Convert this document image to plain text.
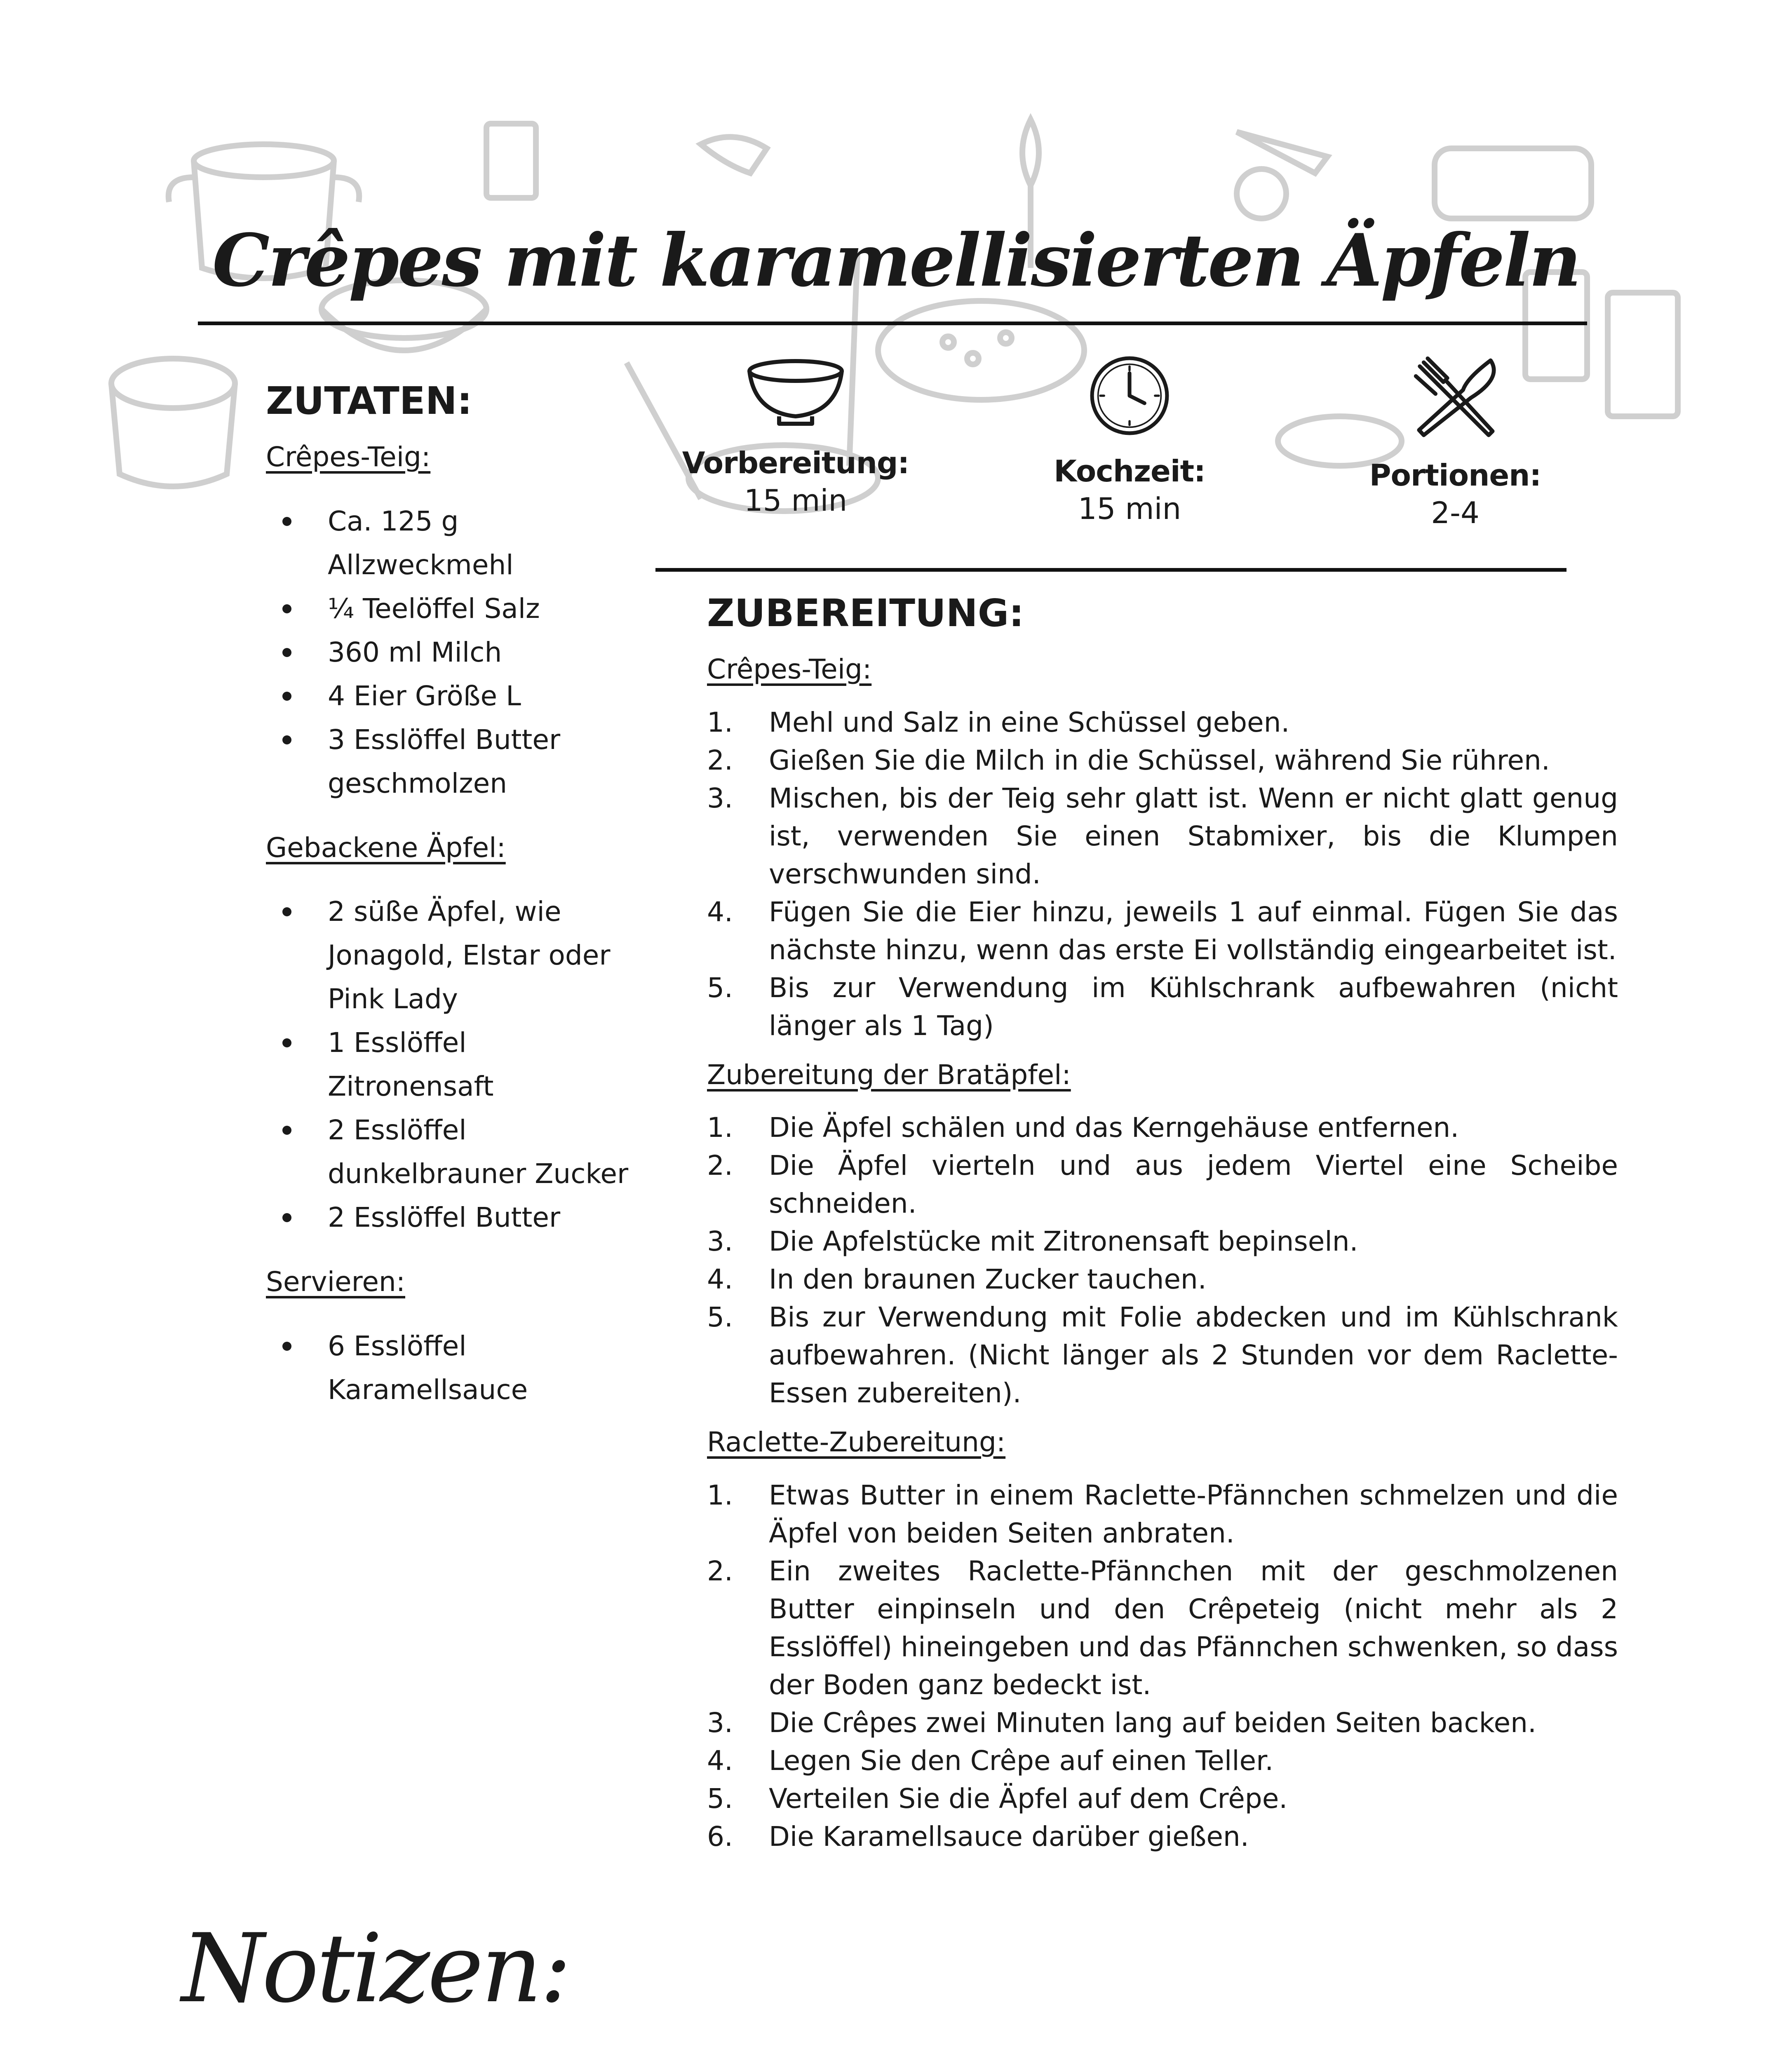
Crêpes mit karamellisierten Äpfeln
ZUTATEN:

Crêpes-Teig:

Ca. 125 g Allzweckmehl
¼ Teelöffel Salz
360 ml Milch
4 Eier Größe L
3 Esslöffel Butter geschmolzen

Gebackene Äpfel:

2 süße Äpfel, wie Jonagold, Elstar oder Pink Lady
1 Esslöffel Zitronensaft
2 Esslöffel dunkelbrauner Zucker
2 Esslöffel Butter

Servieren:

6 Esslöffel Karamellsauce
Vorbereitung:
15 min
Kochzeit:
15 min
Portionen:
2-4
ZUBEREITUNG:

Crêpes-Teig:

1. Mehl und Salz in eine Schüssel geben.
2. Gießen Sie die Milch in die Schüssel, während Sie rühren.
3. Mischen, bis der Teig sehr glatt ist. Wenn er nicht glatt genug ist, verwenden Sie einen Stabmixer, bis die Klumpen verschwunden sind.
4. Fügen Sie die Eier hinzu, jeweils 1 auf einmal. Fügen Sie das nächste hinzu, wenn das erste Ei vollständig eingearbeitet ist.
5. Bis zur Verwendung im Kühlschrank aufbewahren (nicht länger als 1 Tag)

Zubereitung der Bratäpfel:

1. Die Äpfel schälen und das Kerngehäuse entfernen.
2. Die Äpfel vierteln und aus jedem Viertel eine Scheibe schneiden.
3. Die Apfelstücke mit Zitronensaft bepinseln.
4. In den braunen Zucker tauchen.
5. Bis zur Verwendung mit Folie abdecken und im Kühlschrank aufbewahren. (Nicht länger als 2 Stunden vor dem Raclette-Essen zubereiten).

Raclette-Zubereitung:

1. Etwas Butter in einem Raclette-Pfännchen schmelzen und die Äpfel von beiden Seiten anbraten.
2. Ein zweites Raclette-Pfännchen mit der geschmolzenen Butter einpinseln und den Crêpeteig (nicht mehr als 2 Esslöffel) hineingeben und das Pfännchen schwenken, so dass der Boden ganz bedeckt ist.
3. Die Crêpes zwei Minuten lang auf beiden Seiten backen.
4. Legen Sie den Crêpe auf einen Teller.
5. Verteilen Sie die Äpfel auf dem Crêpe.
6. Die Karamellsauce darüber gießen.
Notizen:
